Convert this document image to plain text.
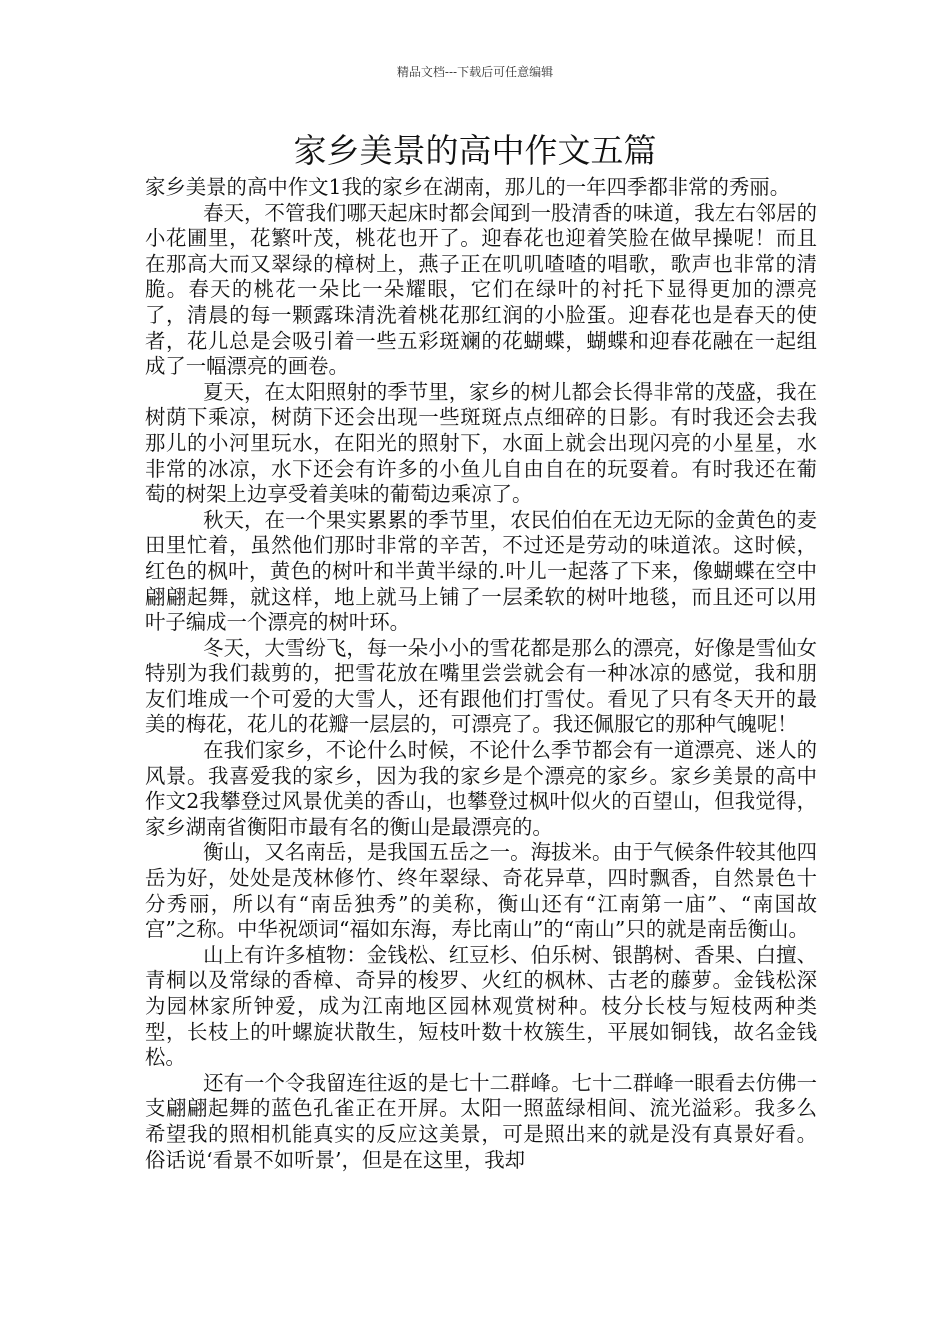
精品文档---下载后可任意编辑
家乡美景的高中作文五篇

家乡美景的高中作文1我的家乡在湖南，那儿的一年四季都非常的秀丽。

春天，不管我们哪天起床时都会闻到一股清香的味道，我左右邻居的小花圃里，花繁叶茂，桃花也开了。迎春花也迎着笑脸在做早操呢！而且在那高大而又翠绿的樟树上，燕子正在叽叽喳喳的唱歌，歌声也非常的清脆。春天的桃花一朵比一朵耀眼，它们在绿叶的衬托下显得更加的漂亮了，清晨的每一颗露珠清洗着桃花那红润的小脸蛋。迎春花也是春天的使者，花儿总是会吸引着一些五彩斑斓的花蝴蝶，蝴蝶和迎春花融在一起组成了一幅漂亮的画卷。

夏天，在太阳照射的季节里，家乡的树儿都会长得非常的茂盛，我在树荫下乘凉，树荫下还会出现一些斑斑点点细碎的日影。有时我还会去我那儿的小河里玩水，在阳光的照射下，水面上就会出现闪亮的小星星，水非常的冰凉，水下还会有许多的小鱼儿自由自在的玩耍着。有时我还在葡萄的树架上边享受着美味的葡萄边乘凉了。

秋天，在一个果实累累的季节里，农民伯伯在无边无际的金黄色的麦田里忙着，虽然他们那时非常的辛苦，不过还是劳动的味道浓。这时候，红色的枫叶，黄色的树叶和半黄半绿的.叶儿一起落了下来，像蝴蝶在空中翩翩起舞，就这样，地上就马上铺了一层柔软的树叶地毯，而且还可以用叶子编成一个漂亮的树叶环。

冬天，大雪纷飞，每一朵小小的雪花都是那么的漂亮，好像是雪仙女特别为我们裁剪的，把雪花放在嘴里尝尝就会有一种冰凉的感觉，我和朋友们堆成一个可爱的大雪人，还有跟他们打雪仗。看见了只有冬天开的最美的梅花，花儿的花瓣一层层的，可漂亮了。我还佩服它的那种气魄呢！

在我们家乡，不论什么时候，不论什么季节都会有一道漂亮、迷人的风景。我喜爱我的家乡，因为我的家乡是个漂亮的家乡。家乡美景的高中作文2我攀登过风景优美的香山，也攀登过枫叶似火的百望山，但我觉得，家乡湖南省衡阳市最有名的衡山是最漂亮的。

衡山，又名南岳，是我国五岳之一。海拔米。由于气候条件较其他四岳为好，处处是茂林修竹、终年翠绿、奇花异草，四时飘香，自然景色十分秀丽，所以有“南岳独秀”的美称，衡山还有“江南第一庙”、“南国故宫”之称。中华祝颂词“福如东海，寿比南山”的“南山”只的就是南岳衡山。

山上有许多植物：金钱松、红豆杉、伯乐树、银鹊树、香果、白擅、青桐以及常绿的香樟、奇异的梭罗、火红的枫林、古老的藤萝。金钱松深为园林家所钟爱，成为江南地区园林观赏树种。枝分长枝与短枝两种类型，长枝上的叶螺旋状散生，短枝叶数十枚簇生，平展如铜钱，故名金钱松。

还有一个令我留连往返的是七十二群峰。七十二群峰一眼看去仿佛一支翩翩起舞的蓝色孔雀正在开屏。太阳一照蓝绿相间、流光溢彩。我多么希望我的照相机能真实的反应这美景，可是照出来的就是没有真景好看。俗话说‘看景不如听景’，但是在这里，我却
